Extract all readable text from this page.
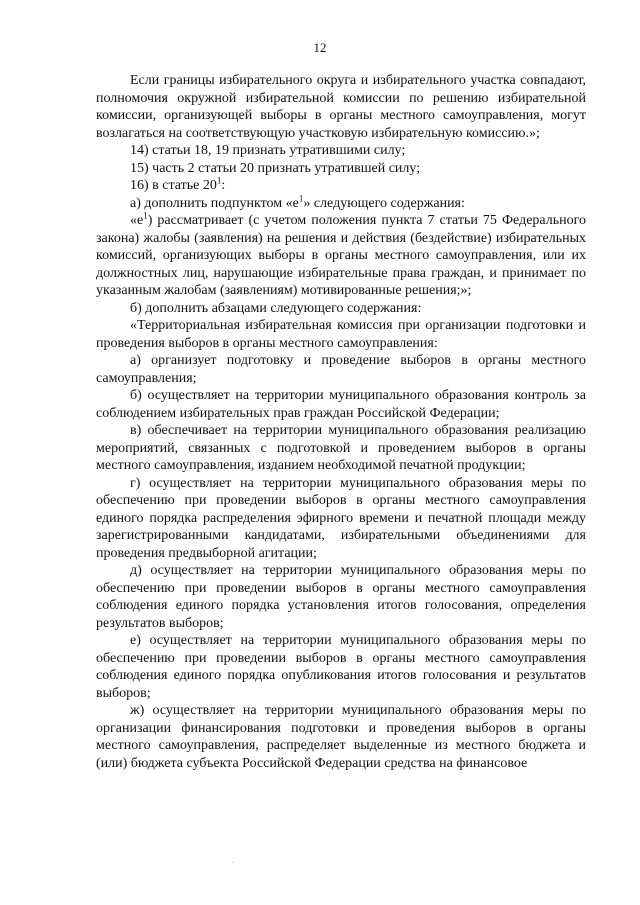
12

Если границы избирательного округа и избирательного участка совпадают, полномочия окружной избирательной комиссии по решению избирательной комиссии, организующей выборы в органы местного самоуправления, могут возлагаться на соответствующую участковую избирательную комиссию.»;

14) статьи 18, 19 признать утратившими силу;

15) часть 2 статьи 20 признать утратившей силу;

16) в статье $20^1$:

а) дополнить подпунктом «$е^1$» следующего содержания:

«$е^1$) рассматривает (с учетом положения пункта 7 статьи 75 Федерального закона) жалобы (заявления) на решения и действия (бездействие) избирательных комиссий, организующих выборы в органы местного самоуправления, или их должностных лиц, нарушающие избирательные права граждан, и принимает по указанным жалобам (заявлениям) мотивированные решения;»;

б) дополнить абзацами следующего содержания:

«Территориальная избирательная комиссия при организации подготовки и проведения выборов в органы местного самоуправления:

а) организует подготовку и проведение выборов в органы местного самоуправления;

б) осуществляет на территории муниципального образования контроль за соблюдением избирательных прав граждан Российской Федерации;

в) обеспечивает на территории муниципального образования реализацию мероприятий, связанных с подготовкой и проведением выборов в органы местного самоуправления, изданием необходимой печатной продукции;

г) осуществляет на территории муниципального образования меры по обеспечению при проведении выборов в органы местного самоуправления единого порядка распределения эфирного времени и печатной площади между зарегистрированными кандидатами, избирательными объединениями для проведения предвыборной агитации;

д) осуществляет на территории муниципального образования меры по обеспечению при проведении выборов в органы местного самоуправления соблюдения единого порядка установления итогов голосования, определения результатов выборов;

е) осуществляет на территории муниципального образования меры по обеспечению при проведении выборов в органы местного самоуправления соблюдения единого порядка опубликования итогов голосования и результатов выборов;

ж) осуществляет на территории муниципального образования меры по организации финансирования подготовки и проведения выборов в органы местного самоуправления, распределяет выделенные из местного бюджета и (или) бюджета субъекта Российской Федерации средства на финансовое
